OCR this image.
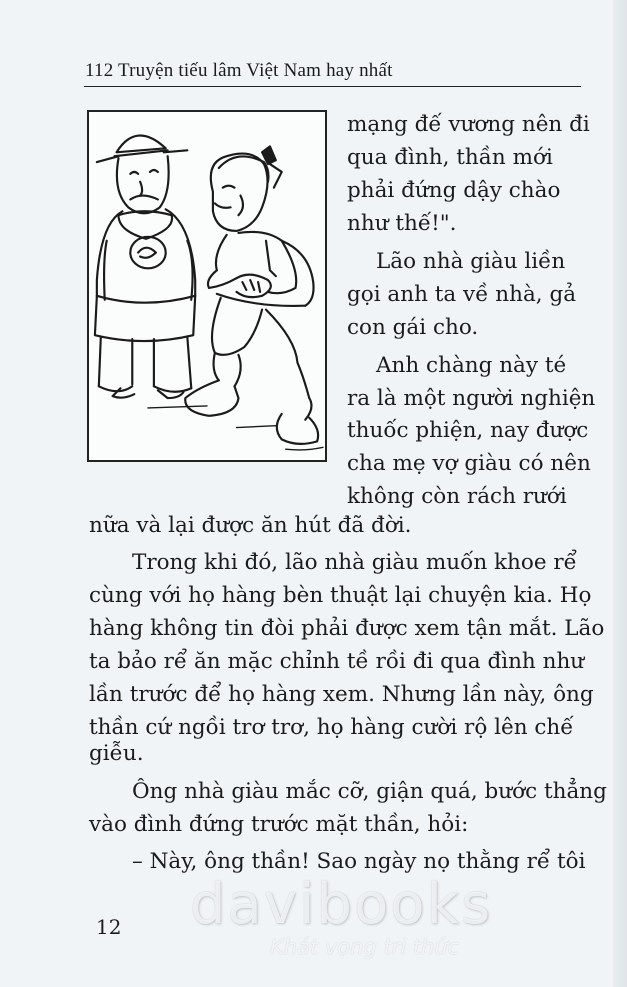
112 Truyện tiếu lâm Việt Nam hay nhất
mạng đế vương nên đi
qua đình, thần mới
phải đứng dậy chào
như thế!".
Lão nhà giàu liền
gọi anh ta về nhà, gả
con gái cho.
Anh chàng này té
ra là một người nghiện
thuốc phiện, nay được
cha mẹ vợ giàu có nên
không còn rách rưới
nữa và lại được ăn hút đã đời.
Trong khi đó, lão nhà giàu muốn khoe rể
cùng với họ hàng bèn thuật lại chuyện kia. Họ
hàng không tin đòi phải được xem tận mắt. Lão
ta bảo rể ăn mặc chỉnh tề rồi đi qua đình như
lần trước để họ hàng xem. Nhưng lần này, ông
thần cứ ngồi trơ trơ, họ hàng cười rộ lên chế
giễu.
Ông nhà giàu mắc cỡ, giận quá, bước thẳng
vào đình đứng trước mặt thần, hỏi:
– Này, ông thần! Sao ngày nọ thằng rể tôi
12 davibooks
Khát vọng tri thức
